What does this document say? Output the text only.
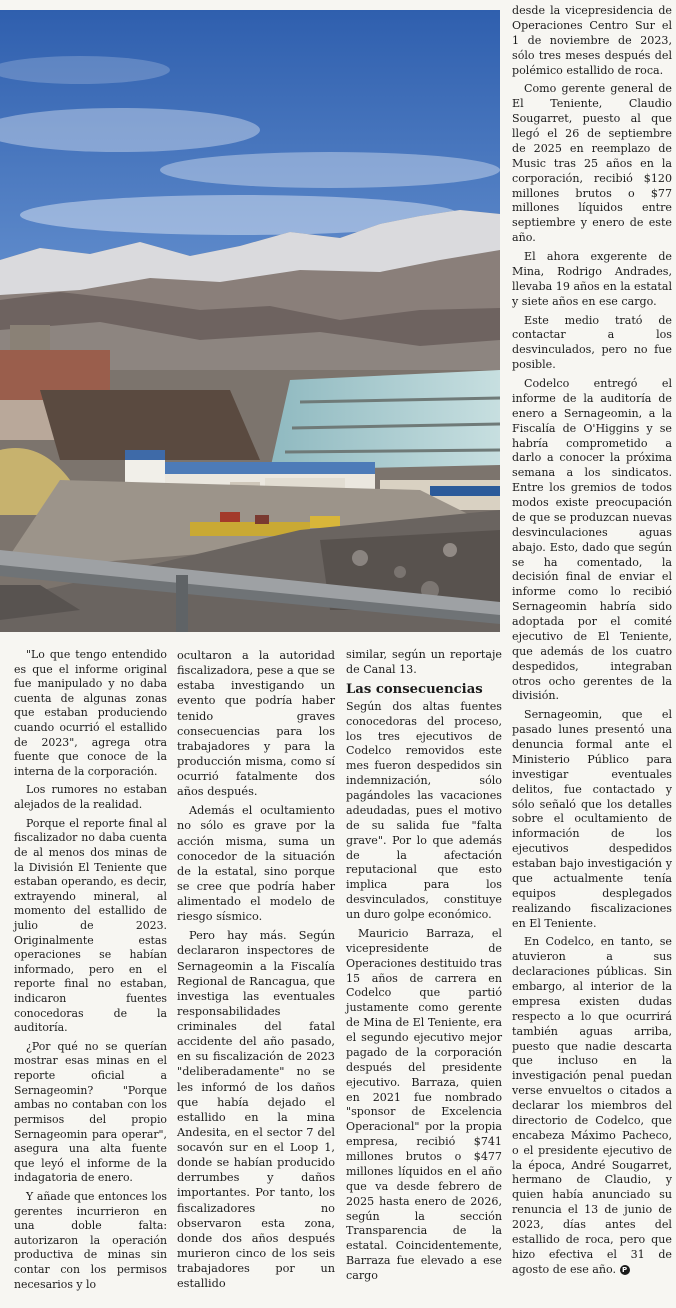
desde la vicepresidencia de Operaciones Centro Sur el 1 de noviembre de 2023, sólo tres meses después del polémico estallido de roca.

Como gerente general de El Teniente, Claudio Sougarret, puesto al que llegó el 26 de septiembre de 2025 en reemplazo de Music tras 25 años en la corporación, recibió $120 millones brutos o $77 millones líquidos entre septiembre y enero de este año.

El ahora exgerente de Mina, Rodrigo Andrades, llevaba 19 años en la estatal y siete años en ese cargo.

Este medio trató de contactar a los desvinculados, pero no fue posible.

Codelco entregó el informe de la auditoría de enero a Sernageomin, a la Fiscalía de O'Higgins y se habría comprometido a darlo a conocer la próxima semana a los sindicatos. Entre los gremios de todos modos existe preocupación de que se produzcan nuevas desvinculaciones aguas abajo. Esto, dado que según se ha comentado, la decisión final de enviar el informe como lo recibió Sernageomin habría sido adoptada por el comité ejecutivo de El Teniente, que además de los cuatro despedidos, integraban otros ocho gerentes de la división.

Sernageomin, que el pasado lunes presentó una denuncia formal ante el Ministerio Público para investigar eventuales delitos, fue contactado y sólo señaló que los detalles sobre el ocultamiento de información de los ejecutivos despedidos estaban bajo investigación y que actualmente tenía equipos desplegados realizando fiscalizaciones en El Teniente.

En Codelco, en tanto, se atuvieron a sus declaraciones públicas. Sin embargo, al interior de la empresa existen dudas respecto a lo que ocurrirá también aguas arriba, puesto que nadie descarta que incluso en la investigación penal puedan verse envueltos o citados a declarar los miembros del directorio de Codelco, que encabeza Máximo Pacheco, o el presidente ejecutivo de la época, André Sougarret, hermano de Claudio, y quien había anunciado su renuncia el 13 de junio de 2023, días antes del estallido de roca, pero que hizo efectiva el 31 de agosto de ese año. P

"Lo que tengo entendido es que el informe original fue manipulado y no daba cuenta de algunas zonas que estaban produciendo cuando ocurrió el estallido de 2023", agrega otra fuente que conoce de la interna de la corporación.

Los rumores no estaban alejados de la realidad.

Porque el reporte final al fiscalizador no daba cuenta de al menos dos minas de la División El Teniente que estaban operando, es decir, extrayendo mineral, al momento del estallido de julio de 2023. Originalmente estas operaciones se habían informado, pero en el reporte final no estaban, indicaron fuentes conocedoras de la auditoría.

¿Por qué no se querían mostrar esas minas en el reporte oficial a Sernageomin? "Porque ambas no contaban con los permisos del propio Sernageomin para operar", asegura una alta fuente que leyó el informe de la indagatoria de enero.

Y añade que entonces los gerentes incurrieron en una doble falta: autorizaron la operación productiva de minas sin contar con los permisos necesarios y lo

ocultaron a la autoridad fiscalizadora, pese a que se estaba investigando un evento que podría haber tenido graves consecuencias para los trabajadores y para la producción misma, como sí ocurrió fatalmente dos años después.

Además el ocultamiento no sólo es grave por la acción misma, suma un conocedor de la situación de la estatal, sino porque se cree que podría haber alimentado el modelo de riesgo sísmico.

Pero hay más. Según declararon inspectores de Sernageomin a la Fiscalía Regional de Rancagua, que investiga las eventuales responsabilidades criminales del fatal accidente del año pasado, en su fiscalización de 2023 "deliberadamente" no se les informó de los daños que había dejado el estallido en la mina Andesita, en el sector 7 del socavón sur en el Loop 1, donde se habían producido derrumbes y daños importantes. Por tanto, los fiscalizadores no observaron esta zona, donde dos años después murieron cinco de los seis trabajadores por un estallido

similar, según un reportaje de Canal 13.

Las consecuencias

Según dos altas fuentes conocedoras del proceso, los tres ejecutivos de Codelco removidos este mes fueron despedidos sin indemnización, sólo pagándoles las vacaciones adeudadas, pues el motivo de su salida fue "falta grave". Por lo que además de la afectación reputacional que esto implica para los desvinculados, constituye un duro golpe económico.

Mauricio Barraza, el vicepresidente de Operaciones destituido tras 15 años de carrera en Codelco que partió justamente como gerente de Mina de El Teniente, era el segundo ejecutivo mejor pagado de la corporación después del presidente ejecutivo. Barraza, quien en 2021 fue nombrado "sponsor de Excelencia Operacional" por la propia empresa, recibió $741 millones brutos o $477 millones líquidos en el año que va desde febrero de 2025 hasta enero de 2026, según la sección Transparencia de la estatal. Coincidentemente, Barraza fue elevado a ese cargo
